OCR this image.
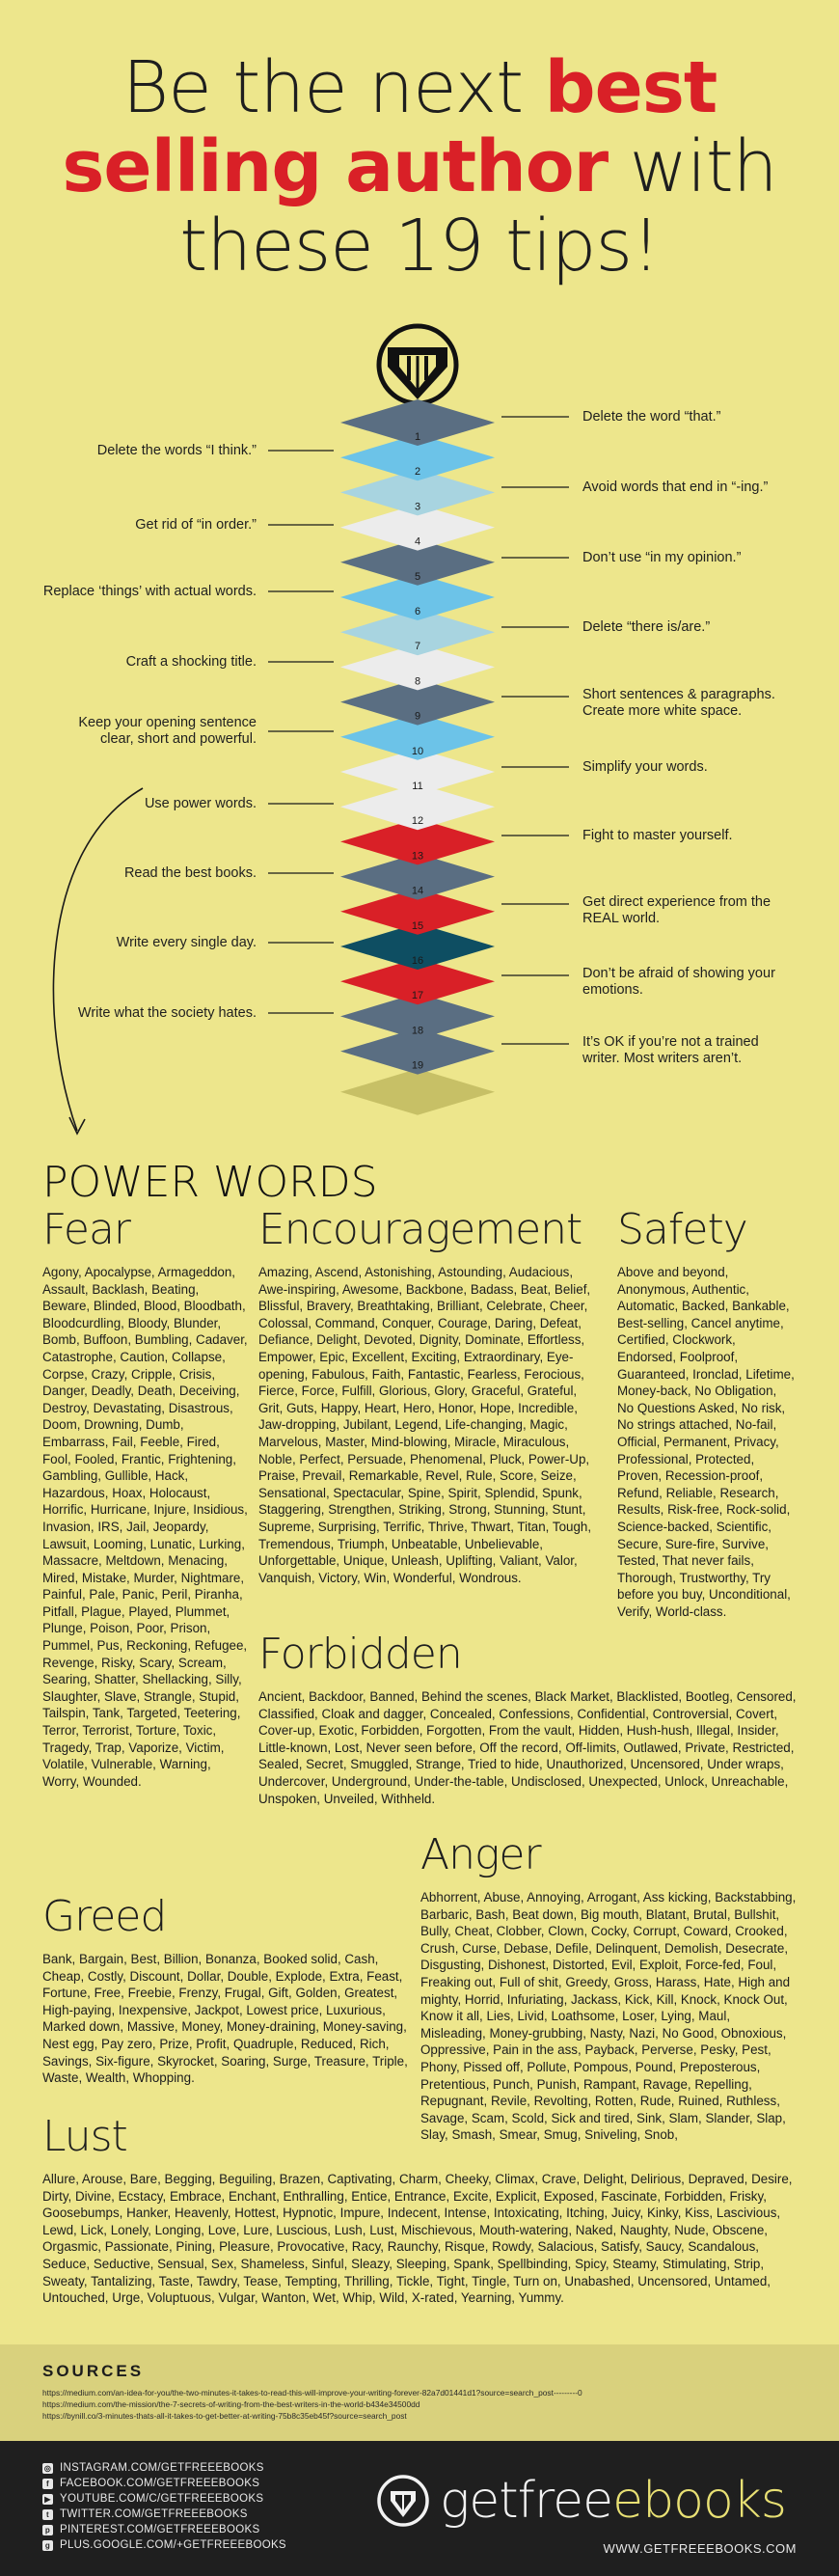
Be the next best
selling author with
these 19 tips!
1
2
3
4
5
6
7
8
9
10
11
12
13
14
15
16
17
18
19
Delete the words “I think.”
Get rid of “in order.”
Replace ‘things’ with actual words.
Craft a shocking title.
Keep your opening sentence clear, short and powerful.
Use power words.
Read the best books.
Write every single day.
Write what the society hates.
Delete the word “that.”
Avoid words that end in “-ing.”
Don’t use “in my opinion.”
Delete “there is/are.”
Short sentences & paragraphs. Create more white space.
Simplify your words.
Fight to master yourself.
Get direct experience from the REAL world.
Don’t be afraid of showing your emotions.
It’s OK if you’re not a trained writer. Most writers aren’t.
POWER WORDS
Fear

Agony, Apocalypse, Armageddon, Assault, Backlash, Beating, Beware, Blinded, Blood, Bloodbath, Bloodcurdling, Bloody, Blunder, Bomb, Buffoon, Bumbling, Cadaver, Catastrophe, Caution, Collapse, Corpse, Crazy, Cripple, Crisis, Danger, Deadly, Death, Deceiving, Destroy, Devastating, Disastrous, Doom, Drowning, Dumb, Embarrass, Fail, Feeble, Fired, Fool, Fooled, Frantic, Frightening, Gambling, Gullible, Hack, Hazardous, Hoax, Holocaust, Horrific, Hurricane, Injure, Insidious, Invasion, IRS, Jail, Jeopardy, Lawsuit, Looming, Lunatic, Lurking, Massacre, Meltdown, Menacing, Mired, Mistake, Murder, Nightmare, Painful, Pale, Panic, Peril, Piranha, Pitfall, Plague, Played, Plummet, Plunge, Poison, Poor, Prison, Pummel, Pus, Reckoning, Refugee, Revenge, Risky, Scary, Scream, Searing, Shatter, Shellacking, Silly, Slaughter, Slave, Strangle, Stupid, Tailspin, Tank, Targeted, Teetering, Terror, Terrorist, Torture, Toxic, Tragedy, Trap, Vaporize, Victim, Volatile, Vulnerable, Warning, Worry, Wounded.

Encouragement

Amazing, Ascend, Astonishing, Astounding, Audacious, Awe-inspiring, Awesome, Backbone, Badass, Beat, Belief, Blissful, Bravery, Breathtaking, Brilliant, Celebrate, Cheer, Colossal, Command, Conquer, Courage, Daring, Defeat, Defiance, Delight, Devoted, Dignity, Dominate, Effortless, Empower, Epic, Excellent, Exciting, Extraordinary, Eye-opening, Fabulous, Faith, Fantastic, Fearless, Ferocious, Fierce, Force, Fulfill, Glorious, Glory, Graceful, Grateful, Grit, Guts, Happy, Heart, Hero, Honor, Hope, Incredible, Jaw-dropping, Jubilant, Legend, Life-changing, Magic, Marvelous, Master, Mind-blowing, Miracle, Miraculous, Noble, Perfect, Persuade, Phenomenal, Pluck, Power-Up, Praise, Prevail, Remarkable, Revel, Rule, Score, Seize, Sensational, Spectacular, Spine, Spirit, Splendid, Spunk, Staggering, Strengthen, Striking, Strong, Stunning, Stunt, Supreme, Surprising, Terrific, Thrive, Thwart, Titan, Tough, Tremendous, Triumph, Unbeatable, Unbelievable, Unforgettable, Unique, Unleash, Uplifting, Valiant, Valor, Vanquish, Victory, Win, Wonderful, Wondrous.

Safety

Above and beyond, Anonymous, Authentic, Automatic, Backed, Bankable, Best-selling, Cancel anytime, Certified, Clockwork, Endorsed, Foolproof, Guaranteed, Ironclad, Lifetime, Money-back, No Obligation, No Questions Asked, No risk, No strings attached, No-fail, Official, Permanent, Privacy, Professional, Protected, Proven, Recession-proof, Refund, Reliable, Research, Results, Risk-free, Rock-solid, Science-backed, Scientific, Secure, Sure-fire, Survive, Tested, That never fails, Thorough, Trustworthy, Try before you buy, Unconditional, Verify, World-class.

Forbidden

Ancient, Backdoor, Banned, Behind the scenes, Black Market, Blacklisted, Bootleg, Censored, Classified, Cloak and dagger, Concealed, Confessions, Confidential, Controversial, Covert, Cover-up, Exotic, Forbidden, Forgotten, From the vault, Hidden, Hush-hush, Illegal, Insider, Little-known, Lost, Never seen before, Off the record, Off-limits, Outlawed, Private, Restricted, Sealed, Secret, Smuggled, Strange, Tried to hide, Unauthorized, Uncensored, Under wraps, Undercover, Underground, Under-the-table, Undisclosed, Unexpected, Unlock, Unreachable, Unspoken, Unveiled, Withheld.

Anger

Abhorrent, Abuse, Annoying, Arrogant, Ass kicking, Backstabbing, Barbaric, Bash, Beat down, Big mouth, Blatant, Brutal, Bullshit, Bully, Cheat, Clobber, Clown, Cocky, Corrupt, Coward, Crooked, Crush, Curse, Debase, Defile, Delinquent, Demolish, Desecrate, Disgusting, Dishonest, Distorted, Evil, Exploit, Force-fed, Foul, Freaking out, Full of shit, Greedy, Gross, Harass, Hate, High and mighty, Horrid, Infuriating, Jackass, Kick, Kill, Knock, Knock Out, Know it all, Lies, Livid, Loathsome, Loser, Lying, Maul, Misleading, Money-grubbing, Nasty, Nazi, No Good, Obnoxious, Oppressive, Pain in the ass, Payback, Perverse, Pesky, Pest, Phony, Pissed off, Pollute, Pompous, Pound, Preposterous, Pretentious, Punch, Punish, Rampant, Ravage, Repelling, Repugnant, Revile, Revolting, Rotten, Rude, Ruined, Ruthless, Savage, Scam, Scold, Sick and tired, Sink, Slam, Slander, Slap, Slay, Smash, Smear, Smug, Sniveling, Snob,

Greed

Bank, Bargain, Best, Billion, Bonanza, Booked solid, Cash, Cheap, Costly, Discount, Dollar, Double, Explode, Extra, Feast, Fortune, Free, Freebie, Frenzy, Frugal, Gift, Golden, Greatest, High-paying, Inexpensive, Jackpot, Lowest price, Luxurious, Marked down, Massive, Money, Money-draining, Money-saving, Nest egg, Pay zero, Prize, Profit, Quadruple, Reduced, Rich, Savings, Six-figure, Skyrocket, Soaring, Surge, Treasure, Triple, Waste, Wealth, Whopping.

Lust

Allure, Arouse, Bare, Begging, Beguiling, Brazen, Captivating, Charm, Cheeky, Climax, Crave, Delight, Delirious, Depraved, Desire, Dirty, Divine, Ecstacy, Embrace, Enchant, Enthralling, Entice, Entrance, Excite, Explicit, Exposed, Fascinate, Forbidden, Frisky, Goosebumps, Hanker, Heavenly, Hottest, Hypnotic, Impure, Indecent, Intense, Intoxicating, Itching, Juicy, Kinky, Kiss, Lascivious, Lewd, Lick, Lonely, Longing, Love, Lure, Luscious, Lush, Lust, Mischievous, Mouth-watering, Naked, Naughty, Nude, Obscene, Orgasmic, Passionate, Pining, Pleasure, Provocative, Racy, Raunchy, Risque, Rowdy, Salacious, Satisfy, Saucy, Scandalous, Seduce, Seductive, Sensual, Sex, Shameless, Sinful, Sleazy, Sleeping, Spank, Spellbinding, Spicy, Steamy, Stimulating, Strip, Sweaty, Tantalizing, Taste, Tawdry, Tease, Tempting, Thrilling, Tickle, Tight, Tingle, Turn on, Unabashed, Uncensored, Untamed, Untouched, Urge, Voluptuous, Vulgar, Wanton, Wet, Whip, Wild, X-rated, Yearning, Yummy.

SOURCES
https://medium.com/an-idea-for-you/the-two-minutes-it-takes-to-read-this-will-improve-your-writing-forever-82a7d01441d1?source=search_post---------0
https://medium.com/the-mission/the-7-secrets-of-writing-from-the-best-writers-in-the-world-b434e34500dd
https://bynill.co/3-minutes-thats-all-it-takes-to-get-better-at-writing-75b8c35eb45f?source=search_post
◎ INSTAGRAM.COM/GETFREEEBOOKS
f FACEBOOK.COM/GETFREEEBOOKS
▶ YOUTUBE.COM/C/GETFREEEBOOKS
t TWITTER.COM/GETFREEEBOOKS
p PINTEREST.COM/GETFREEEBOOKS
g PLUS.GOOGLE.COM/+GETFREEEBOOKS
getfreeebooks
WWW.GETFREEEBOOKS.COM
